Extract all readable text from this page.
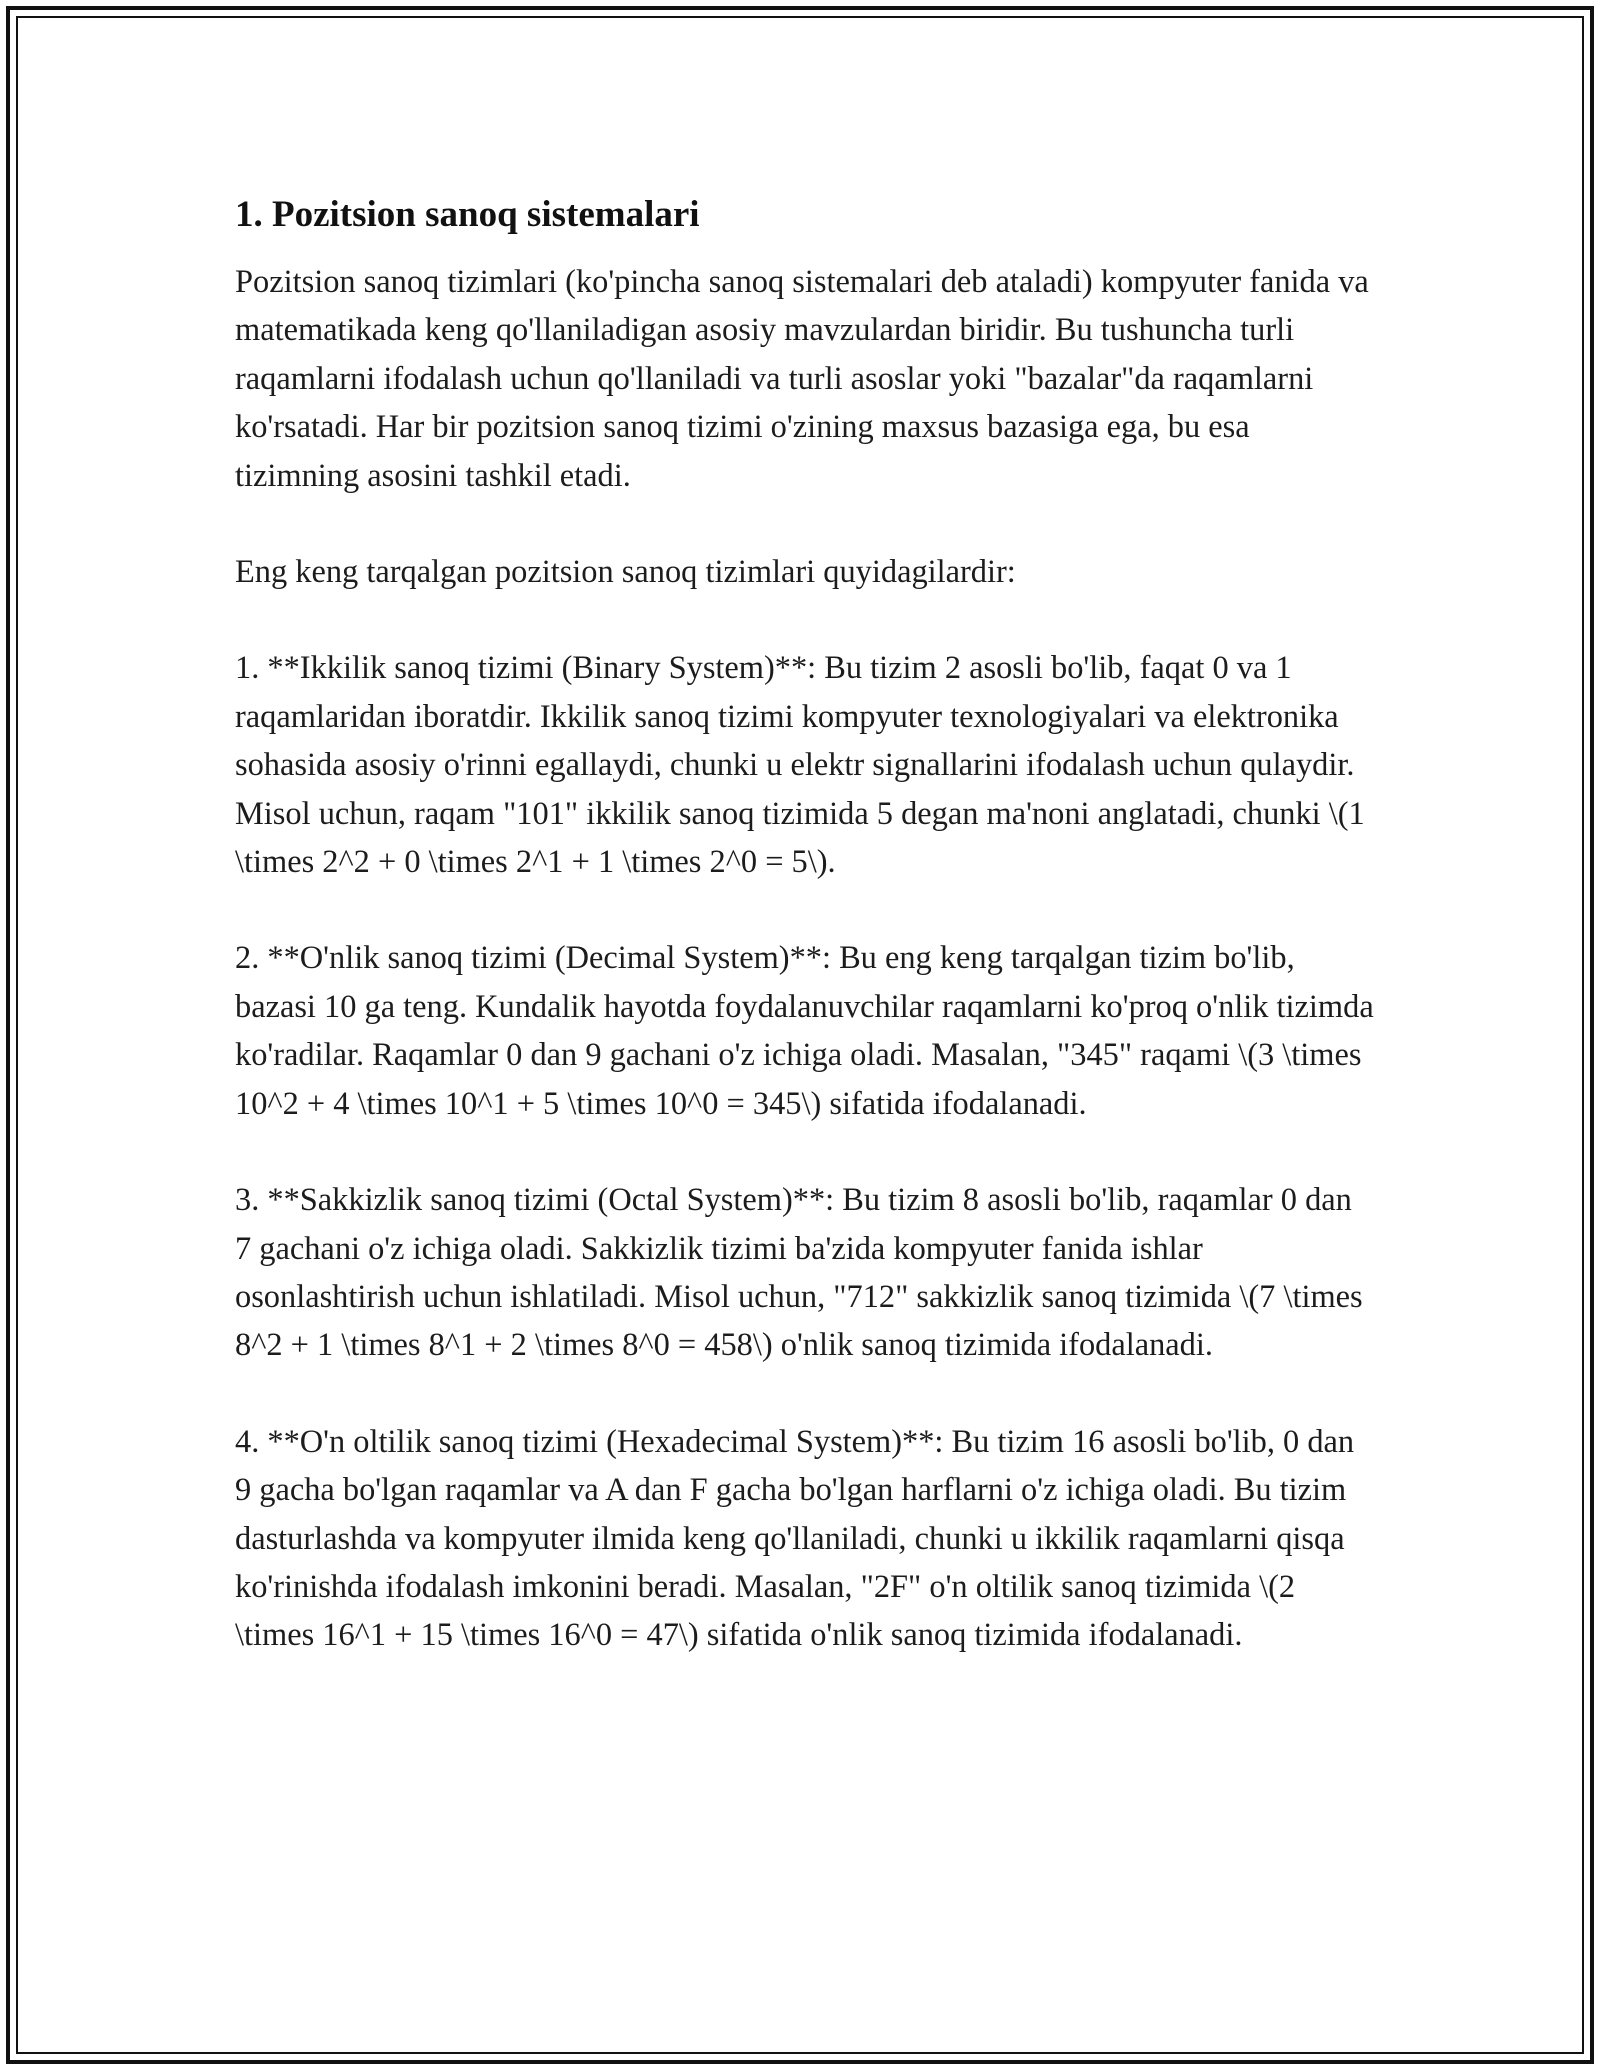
1. Pozitsion sanoq sistemalari

Pozitsion sanoq tizimlari (ko'pincha sanoq sistemalari deb ataladi) kompyuter fanida va matematikada keng qo'llaniladigan asosiy mavzulardan biridir. Bu tushuncha turli raqamlarni ifodalash uchun qo'llaniladi va turli asoslar yoki "bazalar"da raqamlarni ko'rsatadi. Har bir pozitsion sanoq tizimi o'zining maxsus bazasiga ega, bu esa tizimning asosini tashkil etadi.

Eng keng tarqalgan pozitsion sanoq tizimlari quyidagilardir:

1. **Ikkilik sanoq tizimi (Binary System)**: Bu tizim 2 asosli bo'lib, faqat 0 va 1 raqamlaridan iboratdir. Ikkilik sanoq tizimi kompyuter texnologiyalari va elektronika sohasida asosiy o'rinni egallaydi, chunki u elektr signallarini ifodalash uchun qulaydir. Misol uchun, raqam "101" ikkilik sanoq tizimida 5 degan ma'noni anglatadi, chunki \(1 \times 2^2 + 0 \times 2^1 + 1 \times 2^0 = 5\).

2. **O'nlik sanoq tizimi (Decimal System)**: Bu eng keng tarqalgan tizim bo'lib, bazasi 10 ga teng. Kundalik hayotda foydalanuvchilar raqamlarni ko'proq o'nlik tizimda ko'radilar. Raqamlar 0 dan 9 gachani o'z ichiga oladi. Masalan, "345" raqami \(3 \times 10^2 + 4 \times 10^1 + 5 \times 10^0 = 345\) sifatida ifodalanadi.

3. **Sakkizlik sanoq tizimi (Octal System)**: Bu tizim 8 asosli bo'lib, raqamlar 0 dan 7 gachani o'z ichiga oladi. Sakkizlik tizimi ba'zida kompyuter fanida ishlar osonlashtirish uchun ishlatiladi. Misol uchun, "712" sakkizlik sanoq tizimida \(7 \times 8^2 + 1 \times 8^1 + 2 \times 8^0 = 458\) o'nlik sanoq tizimida ifodalanadi.

4. **O'n oltilik sanoq tizimi (Hexadecimal System)**: Bu tizim 16 asosli bo'lib, 0 dan 9 gacha bo'lgan raqamlar va A dan F gacha bo'lgan harflarni o'z ichiga oladi. Bu tizim dasturlashda va kompyuter ilmida keng qo'llaniladi, chunki u ikkilik raqamlarni qisqa ko'rinishda ifodalash imkonini beradi. Masalan, "2F" o'n oltilik sanoq tizimida \(2 \times 16^1 + 15 \times 16^0 = 47\) sifatida o'nlik sanoq tizimida ifodalanadi.
